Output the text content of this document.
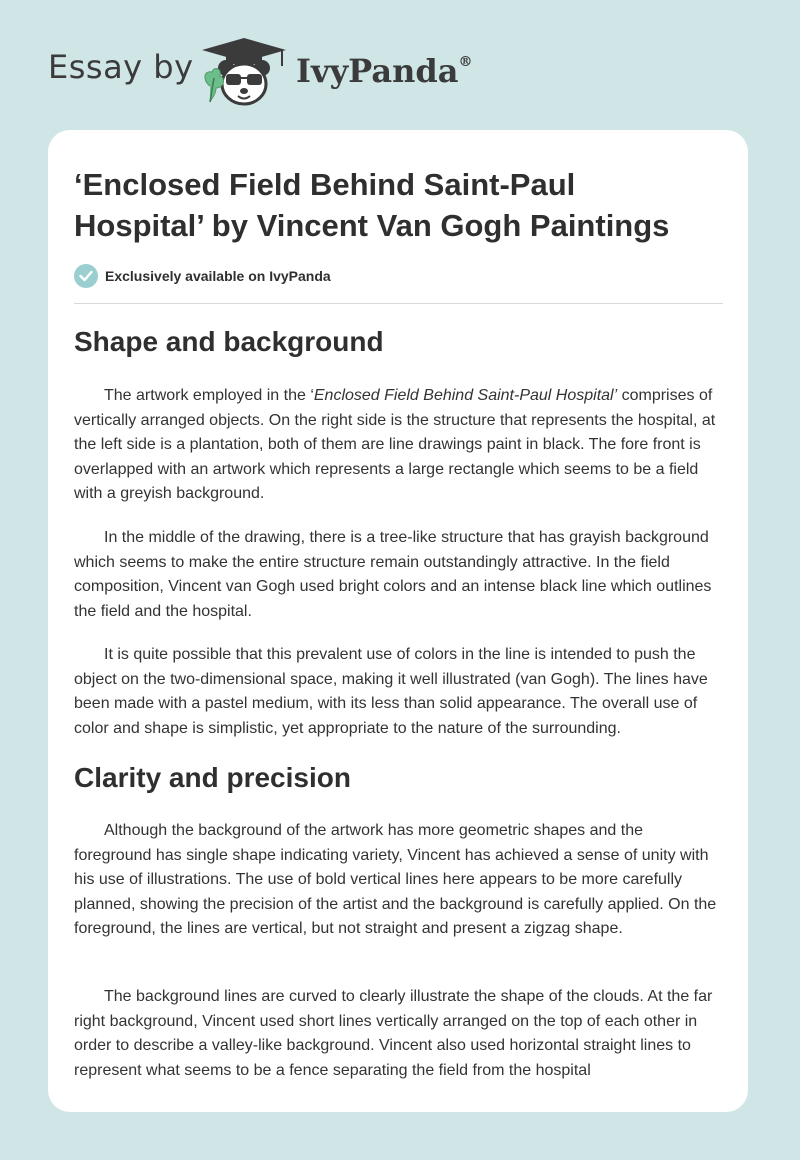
Essay by	IvyPanda®
‘Enclosed Field Behind Saint-Paul
Hospital’ by Vincent Van Gogh Paintings
Exclusively available on IvyPanda
Shape and background

The artwork employed in the ‘Enclosed Field Behind Saint-Paul Hospital’ comprises of vertically arranged objects. On the right side is the structure that represents the hospital, at the left side is a plantation, both of them are line drawings paint in black. The fore front is overlapped with an artwork which represents a large rectangle which seems to be a field with a greyish background.

In the middle of the drawing, there is a tree-like structure that has grayish background which seems to make the entire structure remain outstandingly attractive. In the field composition, Vincent van Gogh used bright colors and an intense black line which outlines the field and the hospital.

It is quite possible that this prevalent use of colors in the line is intended to push the object on the two-dimensional space, making it well illustrated (van Gogh). The lines have been made with a pastel medium, with its less than solid appearance. The overall use of color and shape is simplistic, yet appropriate to the nature of the surrounding.

Clarity and precision

Although the background of the artwork has more geometric shapes and the foreground has single shape indicating variety, Vincent has achieved a sense of unity with his use of illustrations. The use of bold vertical lines here appears to be more carefully planned, showing the precision of the artist and the background is carefully applied. On the foreground, the lines are vertical, but not straight and present a zigzag shape.

The background lines are curved to clearly illustrate the shape of the clouds. At the far right background, Vincent used short lines vertically arranged on the top of each other in order to describe a valley-like background. Vincent also used horizontal straight lines to represent what seems to be a fence separating the field from the hospital
